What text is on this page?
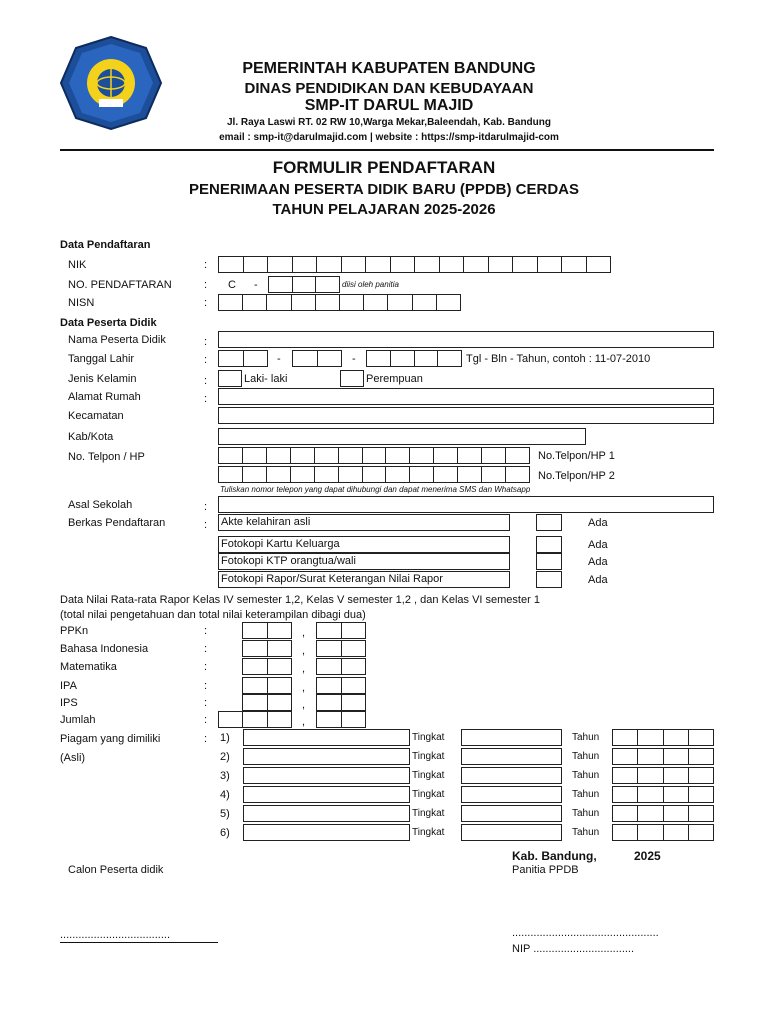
PEMERINTAH KABUPATEN BANDUNG
DINAS PENDIDIKAN DAN KEBUDAYAAN
SMP-IT DARUL MAJID
Jl. Raya Laswi RT. 02 RW 10,Warga Mekar,Baleendah, Kab. Bandung
email : smp-it@darulmajid.com | website : https://smp-itdarulmajid-com
FORMULIR PENDAFTARAN
PENERIMAAN PESERTA DIDIK BARU (PPDB) CERDAS
TAHUN PELAJARAN 2025-2026
Data Pendaftaran
NIK	:
NO. PENDAFTARAN	: C -	diisi oleh panitia
NISN	:
Data Peserta Didik
Nama Peserta Didik	:
Tanggal Lahir	:	-	-	Tgl - Bln - Tahun, contoh : 11-07-2010
Jenis Kelamin	:	Laki- laki	Perempuan
Alamat Rumah	:
Kecamatan
Kab/Kota
No. Telpon / HP	No.Telpon/HP 1
No.Telpon/HP 2
Tuliskan nomor telepon yang dapat dihubungi dan dapat menerima SMS dan Whatsapp
Asal Sekolah	:
Berkas Pendaftaran	: Akte kelahiran asli	Ada
Fotokopi Kartu Keluarga	Ada
Fotokopi KTP orangtua/wali	Ada
Fotokopi Rapor/Surat Keterangan Nilai Rapor	Ada
Data Nilai Rata-rata Rapor Kelas IV semester 1,2, Kelas V semester 1,2 , dan Kelas VI semester 1
(total nilai pengetahuan dan total nilai keterampilan dibagi dua)
PPKn	:	,
Bahasa Indonesia	:	,
Matematika	:	,
IPA	:	,
IPS	:	,
Jumlah	:	,
Piagam yang dimiliki	:
(Asli)
1)	Tingkat	Tahun
2)	Tingkat	Tahun
3)	Tingkat	Tahun
4)	Tingkat	Tahun
5)	Tingkat	Tahun
6)	Tingkat	Tahun
Kab. Bandung,	2025
Panitia PPDB
Calon Peserta didik
....................................	................................................
NIP .................................
